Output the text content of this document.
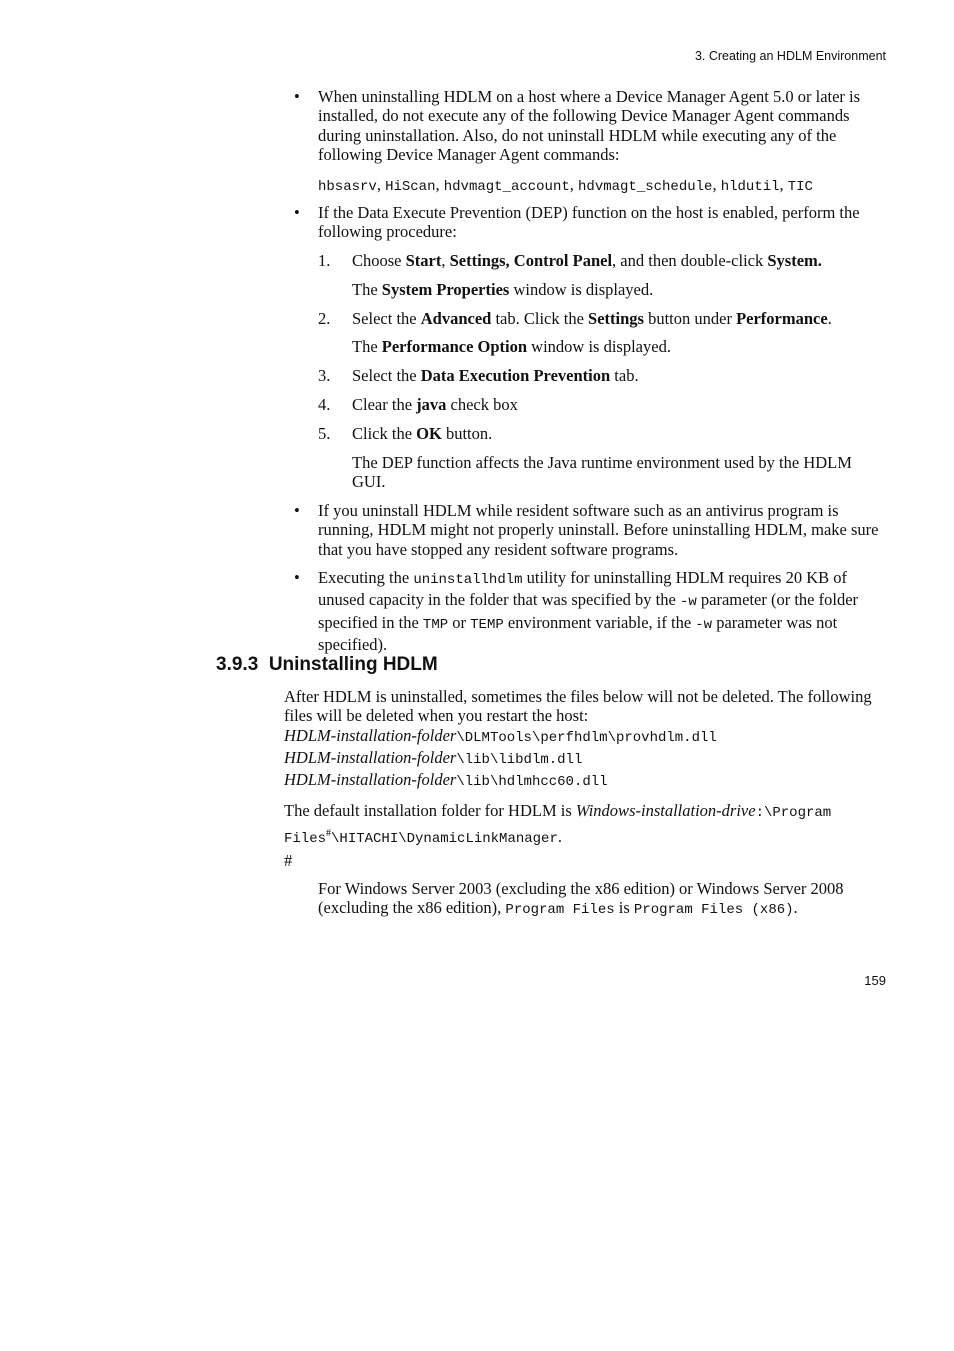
3. Creating an HDLM Environment
• When uninstalling HDLM on a host where a Device Manager Agent 5.0 or later is installed, do not execute any of the following Device Manager Agent commands during uninstallation. Also, do not uninstall HDLM while executing any of the following Device Manager Agent commands:
hbsasrv, HiScan, hdvmagt_account, hdvmagt_schedule, hldutil, TIC
• If the Data Execute Prevention (DEP) function on the host is enabled, perform the following procedure:
1. Choose Start, Settings, Control Panel, and then double-click System.
The System Properties window is displayed.
2. Select the Advanced tab. Click the Settings button under Performance.
The Performance Option window is displayed.
3. Select the Data Execution Prevention tab.
4. Clear the java check box
5. Click the OK button.
The DEP function affects the Java runtime environment used by the HDLM GUI.
• If you uninstall HDLM while resident software such as an antivirus program is running, HDLM might not properly uninstall. Before uninstalling HDLM, make sure that you have stopped any resident software programs.
• Executing the uninstallhdlm utility for uninstalling HDLM requires 20 KB of unused capacity in the folder that was specified by the -w parameter (or the folder specified in the TMP or TEMP environment variable, if the -w parameter was not specified).
3.9.3 Uninstalling HDLM
After HDLM is uninstalled, sometimes the files below will not be deleted. The following files will be deleted when you restart the host:
HDLM-installation-folder\DLMTools\perfhdlm\provhdlm.dll
HDLM-installation-folder\lib\libdlm.dll
HDLM-installation-folder\lib\hdlmhcc60.dll
The default installation folder for HDLM is Windows-installation-drive:\Program Files#\HITACHI\DynamicLinkManager.
#
For Windows Server 2003 (excluding the x86 edition) or Windows Server 2008 (excluding the x86 edition), Program Files is Program Files (x86).
159
